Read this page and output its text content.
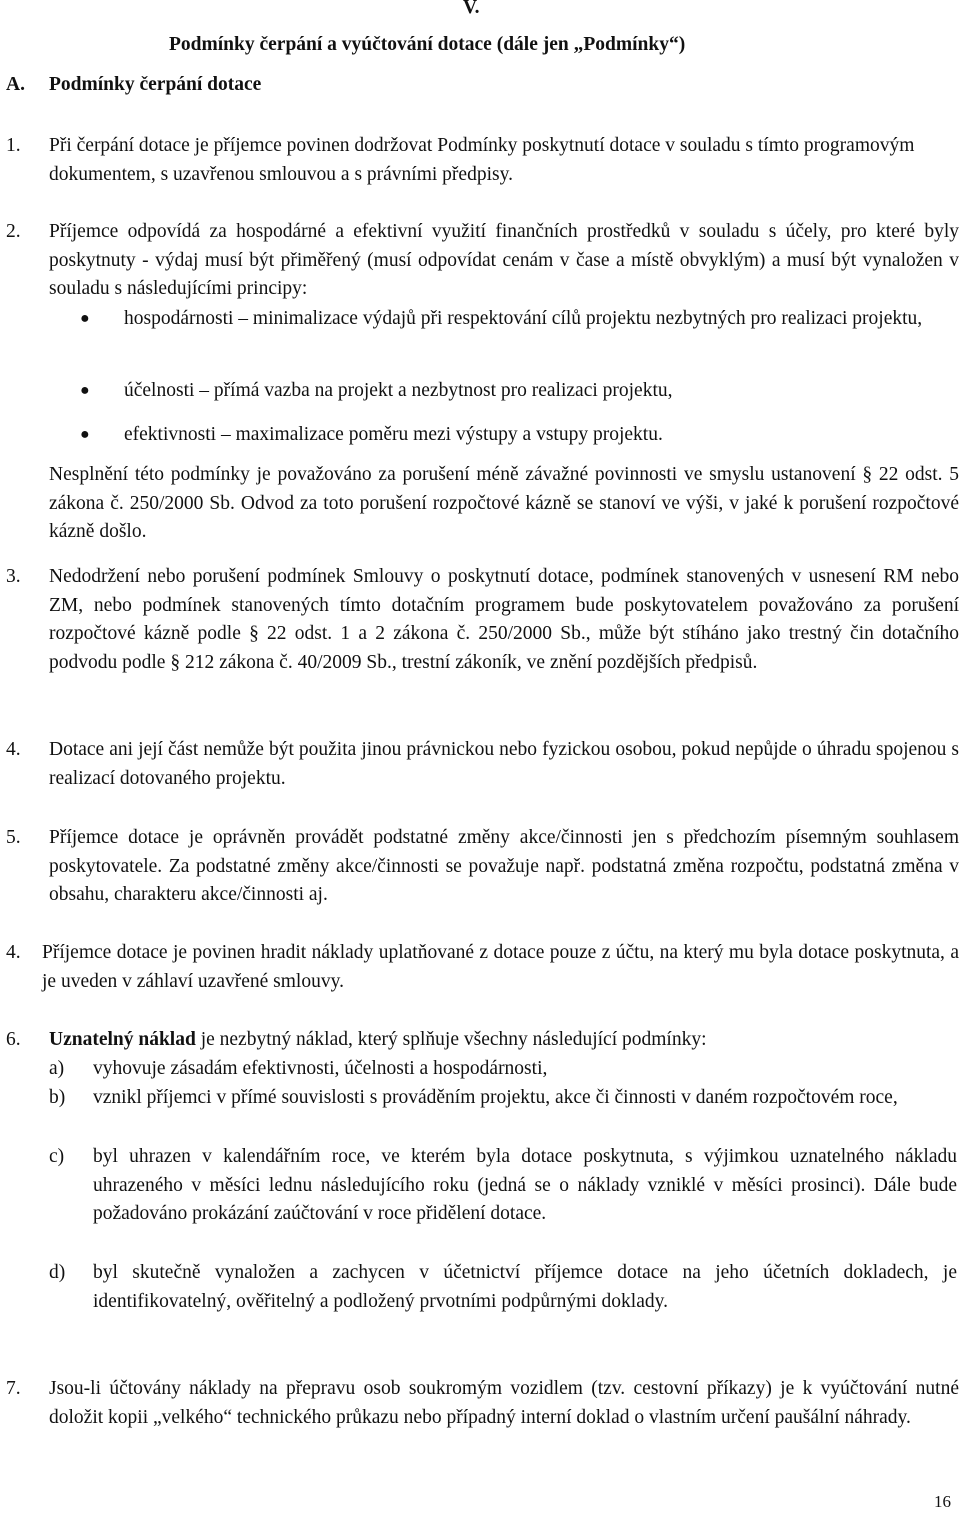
V.
Podmínky čerpání a vyúčtování dotace (dále jen „Podmínky“)
A. Podmínky čerpání dotace
1. Při čerpání dotace je příjemce povinen dodržovat Podmínky poskytnutí dotace v souladu s tímto programovým dokumentem, s uzavřenou smlouvou a s právními předpisy.
2. Příjemce odpovídá za hospodárné a efektivní využití finančních prostředků v souladu s účely, pro které byly poskytnuty - výdaj musí být přiměřený (musí odpovídat cenám v čase a místě obvyklým) a musí být vynaložen v souladu s následujícími principy:
● hospodárnosti – minimalizace výdajů při respektování cílů projektu nezbytných pro realizaci projektu,
● účelnosti – přímá vazba na projekt a nezbytnost pro realizaci projektu,
● efektivnosti – maximalizace poměru mezi výstupy a vstupy projektu.
Nesplnění této podmínky je považováno za porušení méně závažné povinnosti ve smyslu ustanovení § 22 odst. 5 zákona č. 250/2000 Sb. Odvod za toto porušení rozpočtové kázně se stanoví ve výši, v jaké k porušení rozpočtové kázně došlo.
3. Nedodržení nebo porušení podmínek Smlouvy o poskytnutí dotace, podmínek stanovených v usnesení RM nebo ZM, nebo podmínek stanovených tímto dotačním programem bude poskytovatelem považováno za porušení rozpočtové kázně podle § 22 odst. 1 a 2 zákona č. 250/2000 Sb., může být stíháno jako trestný čin dotačního podvodu podle § 212 zákona č. 40/2009 Sb., trestní zákoník, ve znění pozdějších předpisů.
4. Dotace ani její část nemůže být použita jinou právnickou nebo fyzickou osobou, pokud nepůjde o úhradu spojenou s realizací dotovaného projektu.
5. Příjemce dotace je oprávněn provádět podstatné změny akce/činnosti jen s předchozím písemným souhlasem poskytovatele. Za podstatné změny akce/činnosti se považuje např. podstatná změna rozpočtu, podstatná změna v obsahu, charakteru akce/činnosti aj.
4. Příjemce dotace je povinen hradit náklady uplatňované z dotace pouze z účtu, na který mu byla dotace poskytnuta, a je uveden v záhlaví uzavřené smlouvy.
6. Uznatelný náklad je nezbytný náklad, který splňuje všechny následující podmínky:
a) vyhovuje zásadám efektivnosti, účelnosti a hospodárnosti,
b) vznikl příjemci v přímé souvislosti s prováděním projektu, akce či činnosti v daném rozpočtovém roce,
c) byl uhrazen v kalendářním roce, ve kterém byla dotace poskytnuta, s výjimkou uznatelného nákladu uhrazeného v měsíci lednu následujícího roku (jedná se o náklady vzniklé v měsíci prosinci). Dále bude požadováno prokázání zaúčtování v roce přidělení dotace.
d) byl skutečně vynaložen a zachycen v účetnictví příjemce dotace na jeho účetních dokladech, je identifikovatelný, ověřitelný a podložený prvotními podpůrnými doklady.
7. Jsou-li účtovány náklady na přepravu osob soukromým vozidlem (tzv. cestovní příkazy) je k vyúčtování nutné doložit kopii „velkého“ technického průkazu nebo případný interní doklad o vlastním určení paušální náhrady.
16
